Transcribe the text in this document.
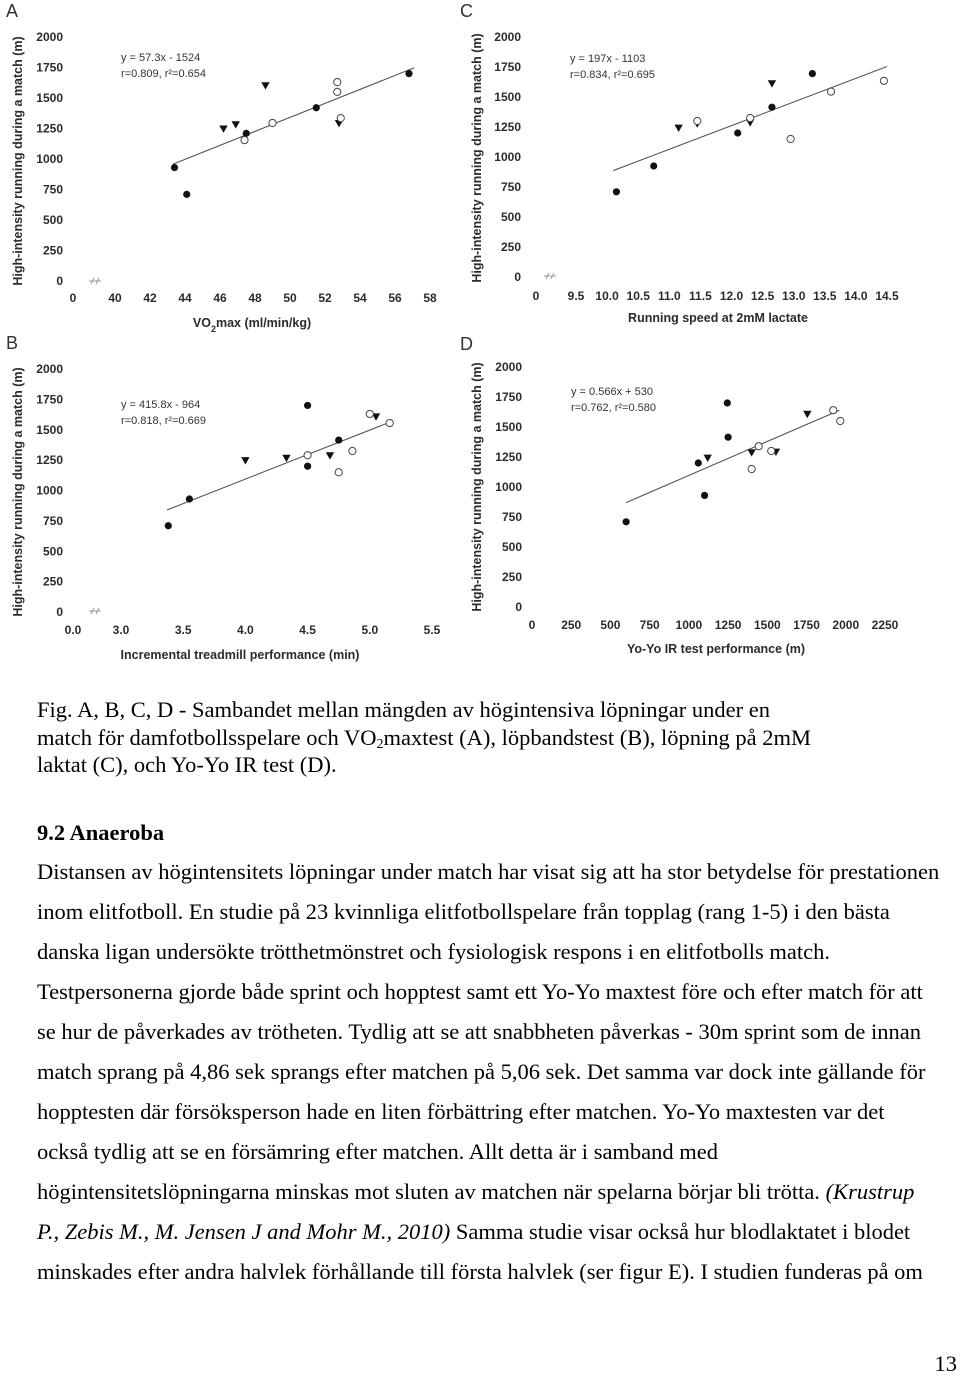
A
0
250
500
750
1000
1250
1500
1750
2000
40 42 44 46 48 50 52 54 56 58
0
High-intensity running during a match (m)
$VO_2\max$ (ml/min/kg)
y = 57.3x - 1524
r=0.809, r²=0.654
B
0
250
500
750
1000
1250
1500
1750
2000
3.0	3.5	4.0	4.5	5.0	5.5
0.0
High-intensity running during a match (m)
Incremental treadmill performance (min)
y = 415.8x - 964
r=0.818, r²=0.669
C
0
250
500
750
1000
1250
1500
1750
2000
9.5 10.0 10.5 11.0 11.5 12.0 12.5 13.0 13.5 14.0 14.5
0
High-intensity running during a match (m)
Running speed at 2mM lactate
y = 197x - 1103
r=0.834, r²=0.695
D
0
250
500
750
1000
1250
1500
1750
2000
0 250 500 750 1000 1250 1500 1750 2000 2250
High-intensity running during a match (m)
Yo-Yo IR test performance (m)
y = 0.566x + 530
r=0.762, r²=0.580
Fig. A, B, C, D - Sambandet mellan mängden av högintensiva löpningar under en
match för damfotbollsspelare och $VO_2maxtest$ (A), löpbandstest (B), löpning på 2mM
laktat (C), och Yo-Yo IR test (D).
9.2 Anaeroba
Distansen av högintensitets löpningar under match har visat sig att ha stor betydelse för prestationen
inom elitfotboll. En studie på 23 kvinnliga elitfotbollspelare från topplag (rang 1-5) i den bästa
danska ligan undersökte trötthetmönstret och fysiologisk respons i en elitfotbolls match.
Testpersonerna gjorde både sprint och hopptest samt ett Yo-Yo maxtest före och efter match för att
se hur de påverkades av trötheten. Tydlig att se att snabbheten påverkas - 30m sprint som de innan
match sprang på 4,86 sek sprangs efter matchen på 5,06 sek. Det samma var dock inte gällande för
hopptesten där försöksperson hade en liten förbättring efter matchen. Yo-Yo maxtesten var det
också tydlig att se en försämring efter matchen. Allt detta är i samband med
högintensitetslöpningarna minskas mot sluten av matchen när spelarna börjar bli trötta. (Krustrup
P., Zebis M., M. Jensen J and Mohr M., 2010) Samma studie visar också hur blodlaktatet i blodet
minskades efter andra halvlek förhållande till första halvlek (ser figur E). I studien funderas på om
13
